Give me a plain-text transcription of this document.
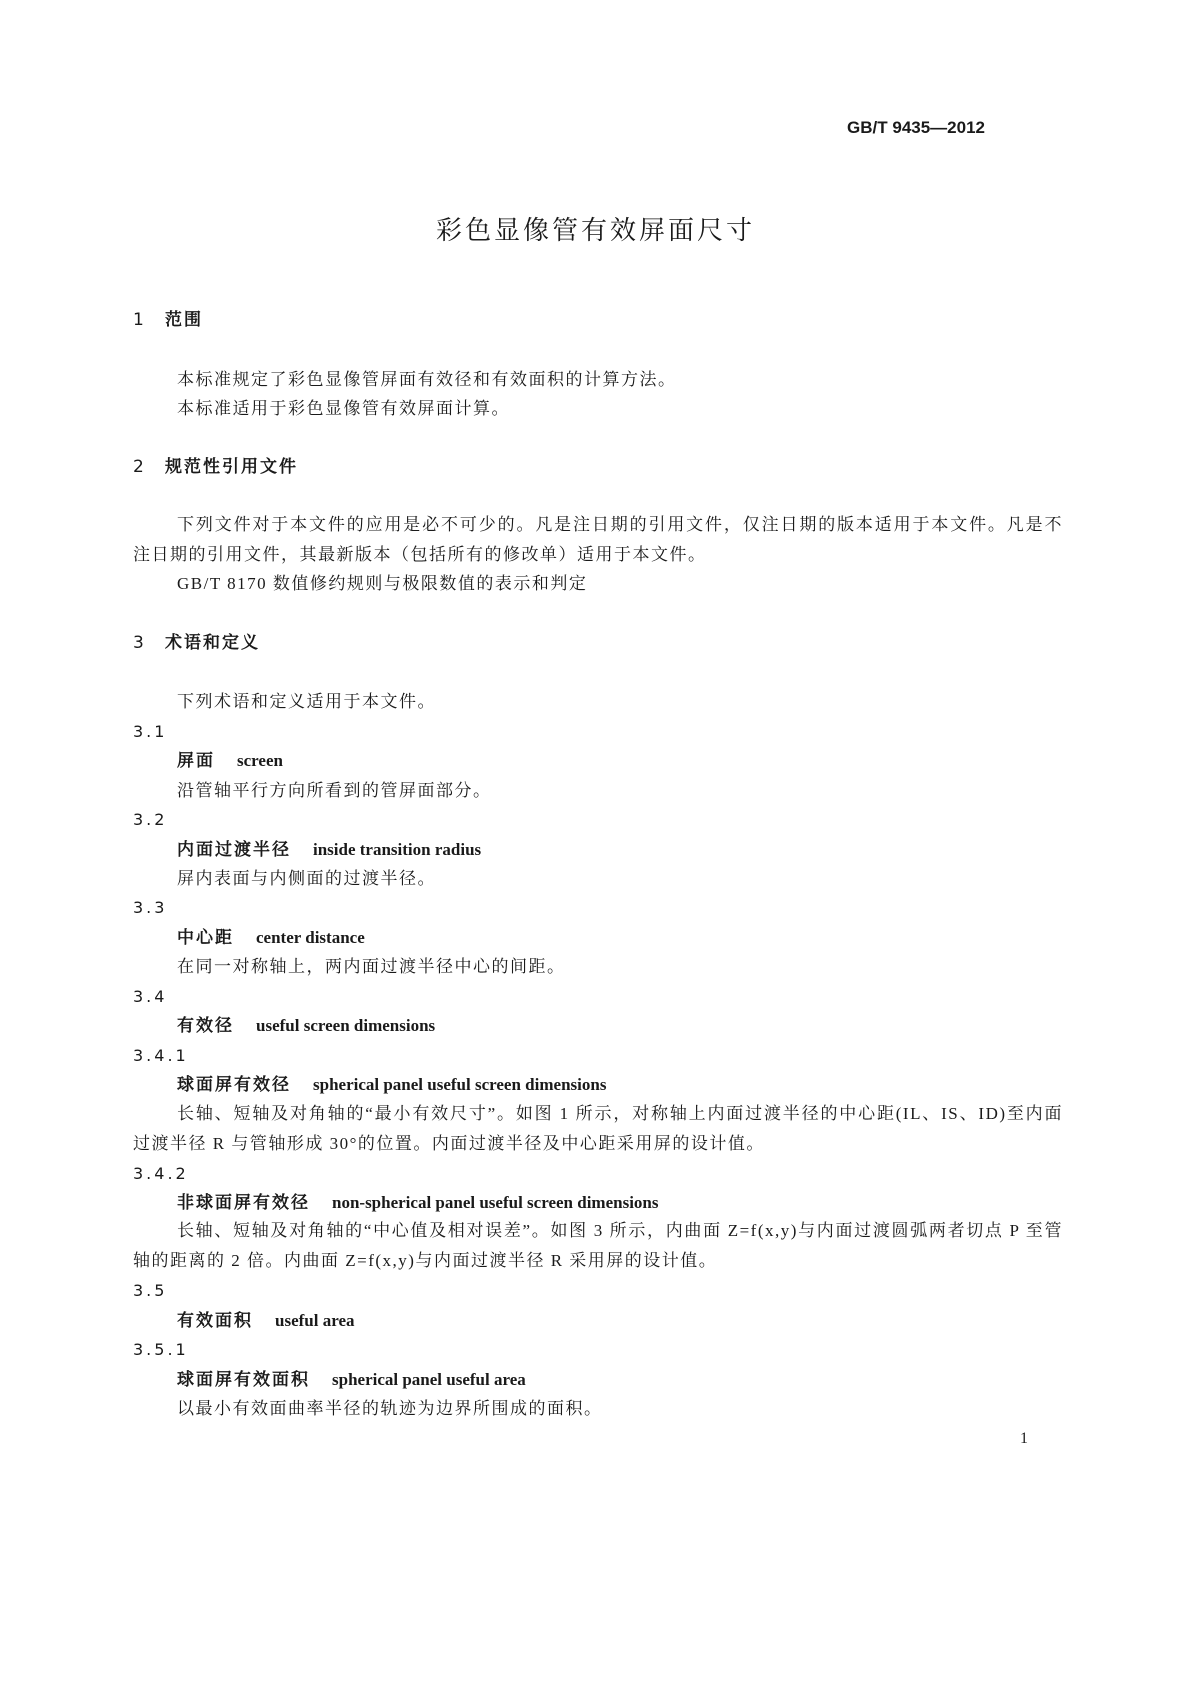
GB/T 9435—2012
彩色显像管有效屏面尺寸
1 范围
本标准规定了彩色显像管屏面有效径和有效面积的计算方法。
本标准适用于彩色显像管有效屏面计算。
2 规范性引用文件
下列文件对于本文件的应用是必不可少的。凡是注日期的引用文件，仅注日期的版本适用于本文件。凡是不注日期的引用文件，其最新版本（包括所有的修改单）适用于本文件。
GB/T 8170 数值修约规则与极限数值的表示和判定
3 术语和定义
下列术语和定义适用于本文件。
3.1
屏面 screen
沿管轴平行方向所看到的管屏面部分。
3.2
内面过渡半径 inside transition radius
屏内表面与内侧面的过渡半径。
3.3
中心距 center distance
在同一对称轴上，两内面过渡半径中心的间距。
3.4
有效径 useful screen dimensions
3.4.1
球面屏有效径 spherical panel useful screen dimensions
长轴、短轴及对角轴的“最小有效尺寸”。如图 1 所示，对称轴上内面过渡半径的中心距(IL、IS、ID)至内面过渡半径 R 与管轴形成 30°的位置。内面过渡半径及中心距采用屏的设计值。
3.4.2
非球面屏有效径 non-spherical panel useful screen dimensions
长轴、短轴及对角轴的“中心值及相对误差”。如图 3 所示，内曲面 Z=f(x,y)与内面过渡圆弧两者切点 P 至管轴的距离的 2 倍。内曲面 Z=f(x,y)与内面过渡半径 R 采用屏的设计值。
3.5
有效面积 useful area
3.5.1
球面屏有效面积 spherical panel useful area
以最小有效面曲率半径的轨迹为边界所围成的面积。
1
